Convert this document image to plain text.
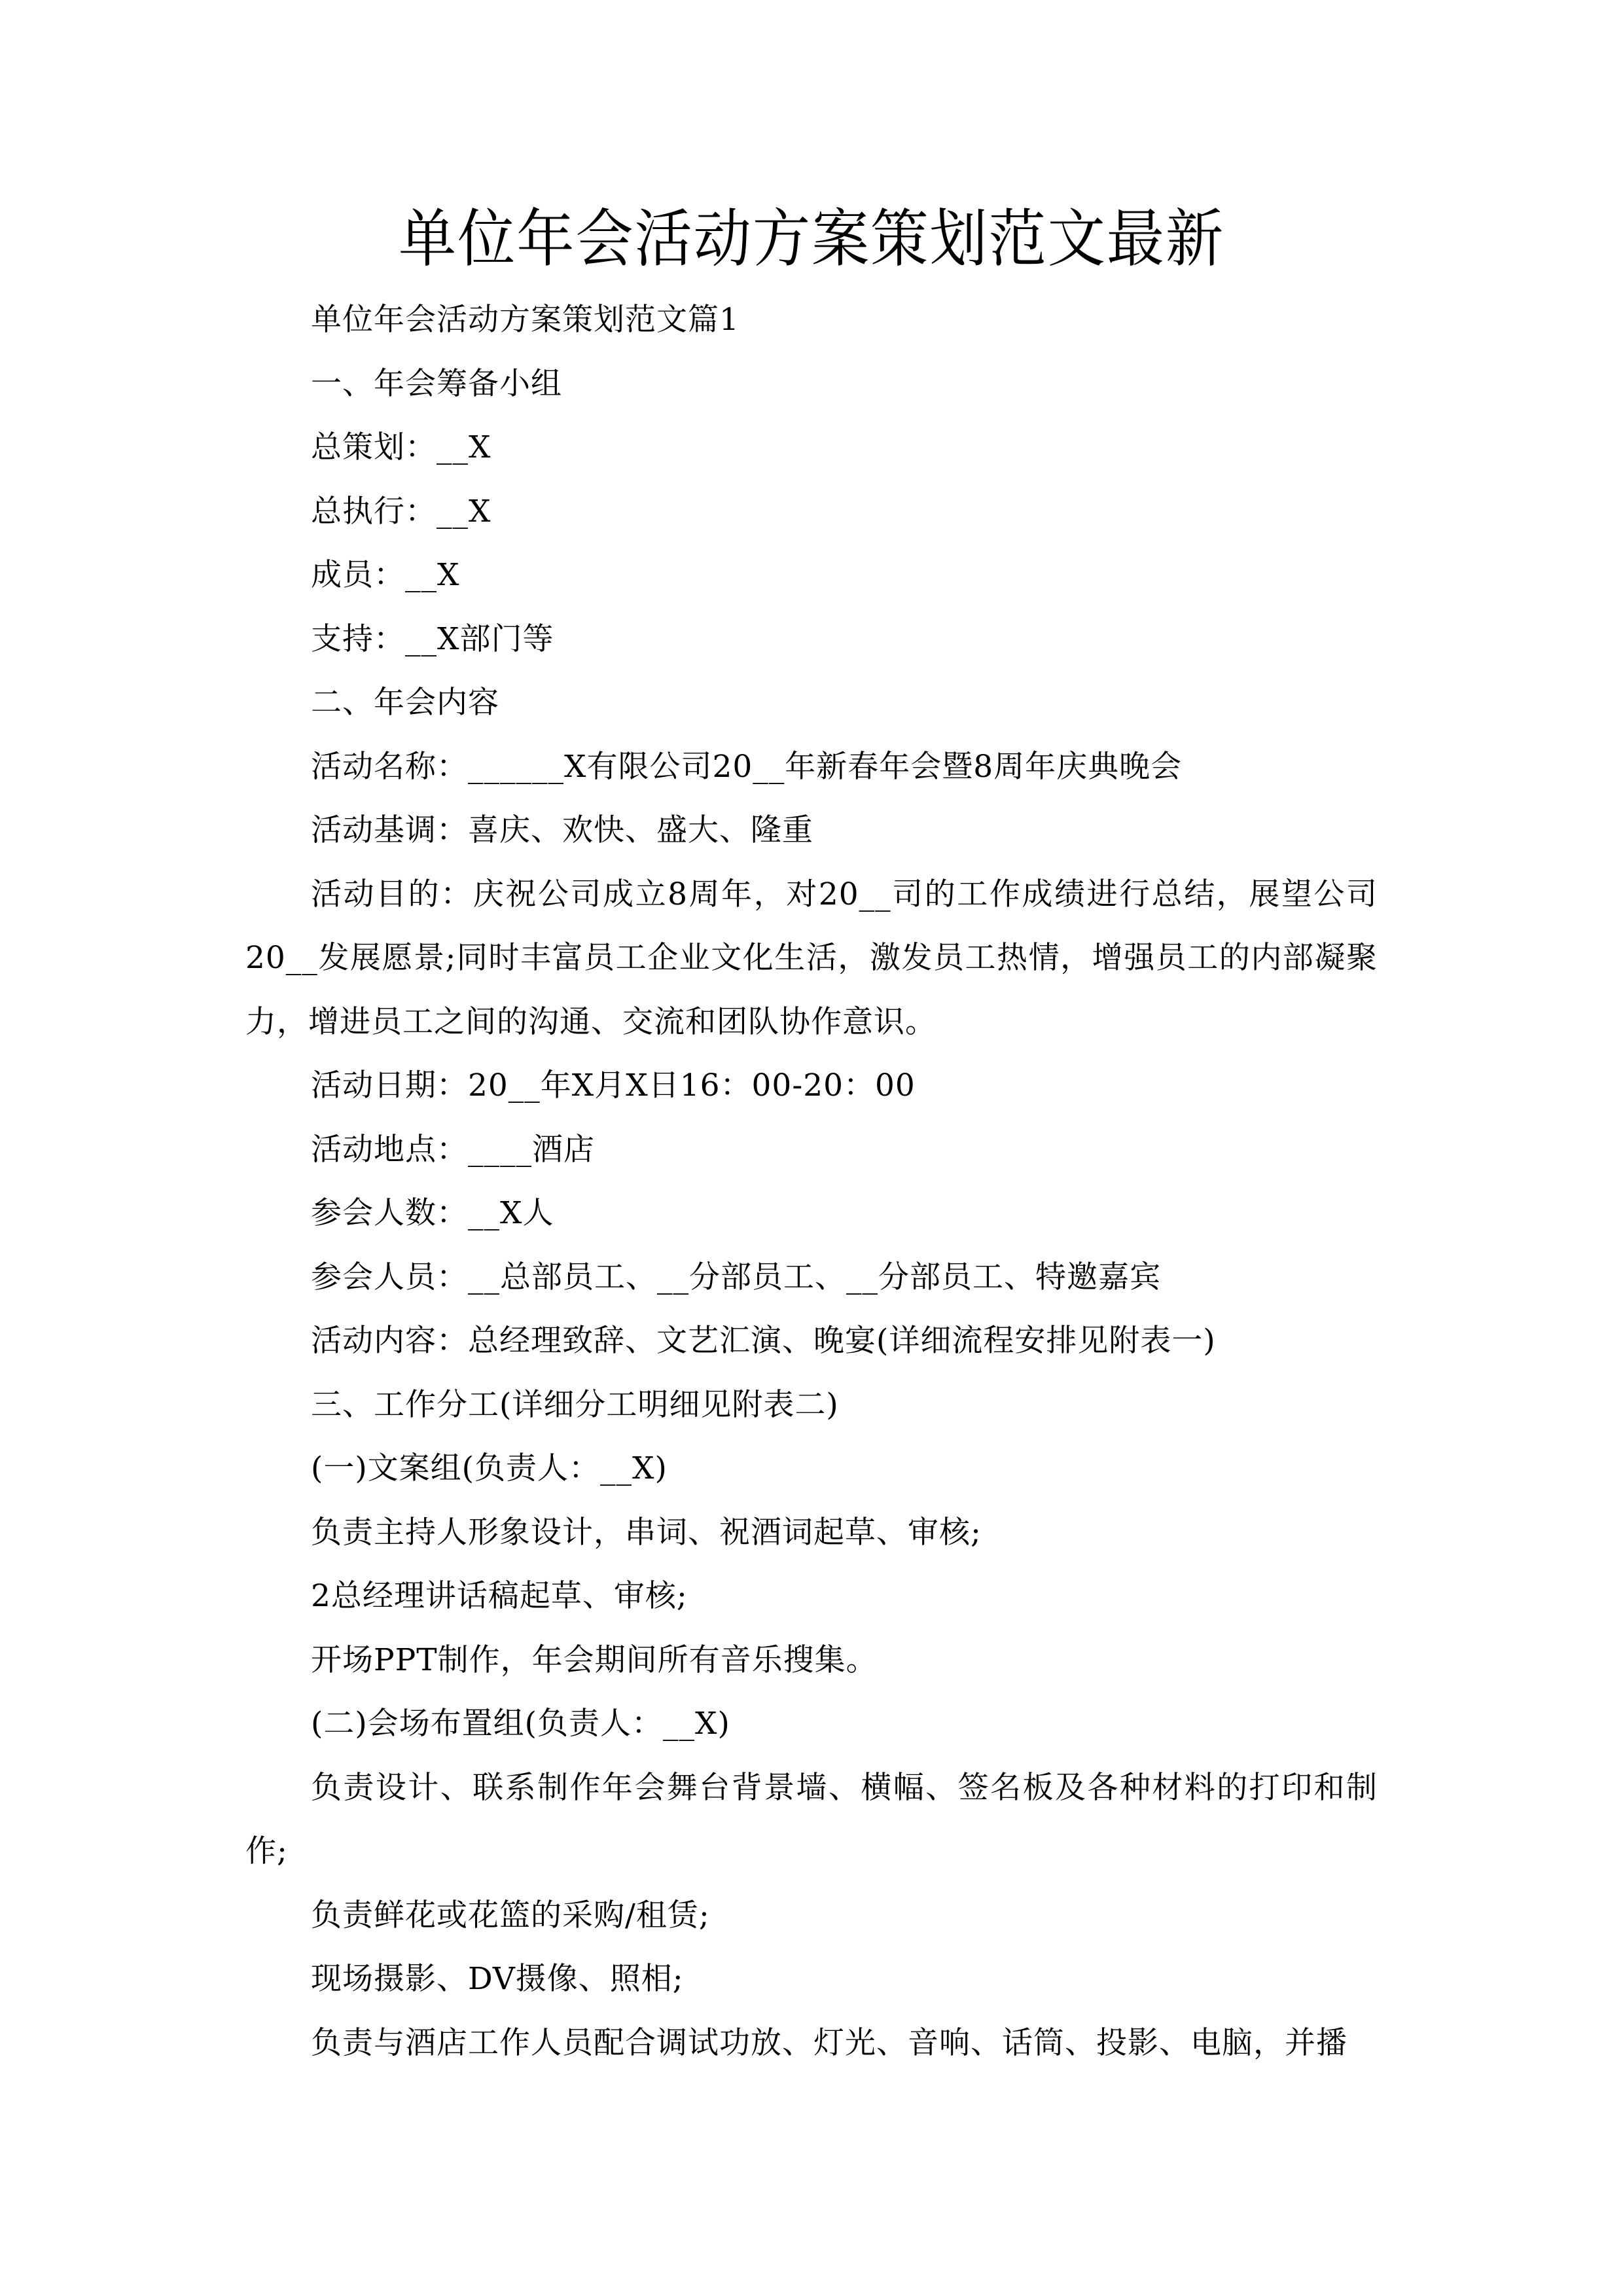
单位年会活动方案策划范文最新

单位年会活动方案策划范文篇1

一、年会筹备小组

总策划：__X

总执行：__X

成员：__X

支持：__X部门等

二、年会内容

活动名称：______X有限公司20__年新春年会暨8周年庆典晚会

活动基调：喜庆、欢快、盛大、隆重

活动目的：庆祝公司成立8周年，对20__司的工作成绩进行总结，展望公司20__发展愿景;同时丰富员工企业文化生活，激发员工热情，增强员工的内部凝聚力，增进员工之间的沟通、交流和团队协作意识。

活动日期：20__年X月X日16：00-20：00

活动地点：____酒店

参会人数：__X人

参会人员：__总部员工、__分部员工、__分部员工、特邀嘉宾

活动内容：总经理致辞、文艺汇演、晚宴(详细流程安排见附表一)

三、工作分工(详细分工明细见附表二)

(一)文案组(负责人：__X)

负责主持人形象设计，串词、祝酒词起草、审核;

2总经理讲话稿起草、审核;

开场PPT制作，年会期间所有音乐搜集。

(二)会场布置组(负责人：__X)

负责设计、联系制作年会舞台背景墙、横幅、签名板及各种材料的打印和制作;

负责鲜花或花篮的采购/租赁;

现场摄影、DV摄像、照相;

负责与酒店工作人员配合调试功放、灯光、音响、话筒、投影、电脑，并播
